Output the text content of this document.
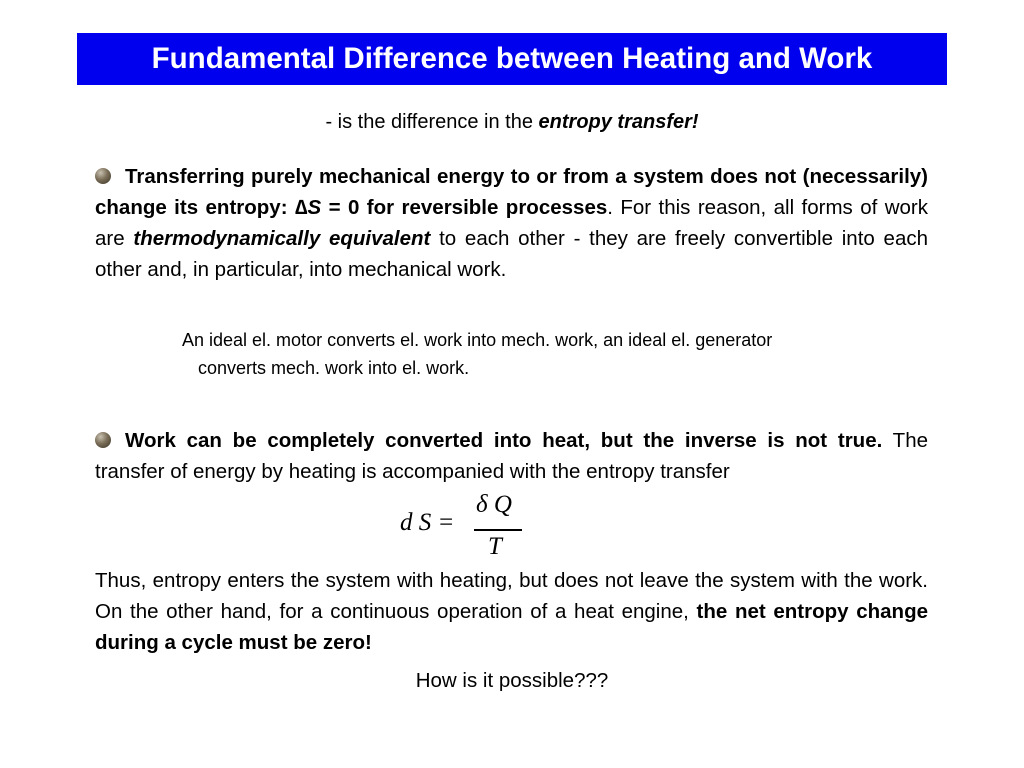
Fundamental Difference between Heating and Work
- is the difference in the entropy transfer!
Transferring purely mechanical energy to or from a system does not (necessarily) change its entropy: ∆S = 0 for reversible processes. For this reason, all forms of work are thermodynamically equivalent to each other - they are freely convertible into each other and, in particular, into mechanical work.
An ideal el. motor converts el. work into mech. work, an ideal el. generator
converts mech. work into el. work.
Work can be completely converted into heat, but the inverse is not true. The transfer of energy by heating is accompanied with the entropy transfer
d S =
δ Q
T
Thus, entropy enters the system with heating, but does not leave the system with the work. On the other hand, for a continuous operation of a heat engine, the net entropy change during a cycle must be zero!
How is it possible???
